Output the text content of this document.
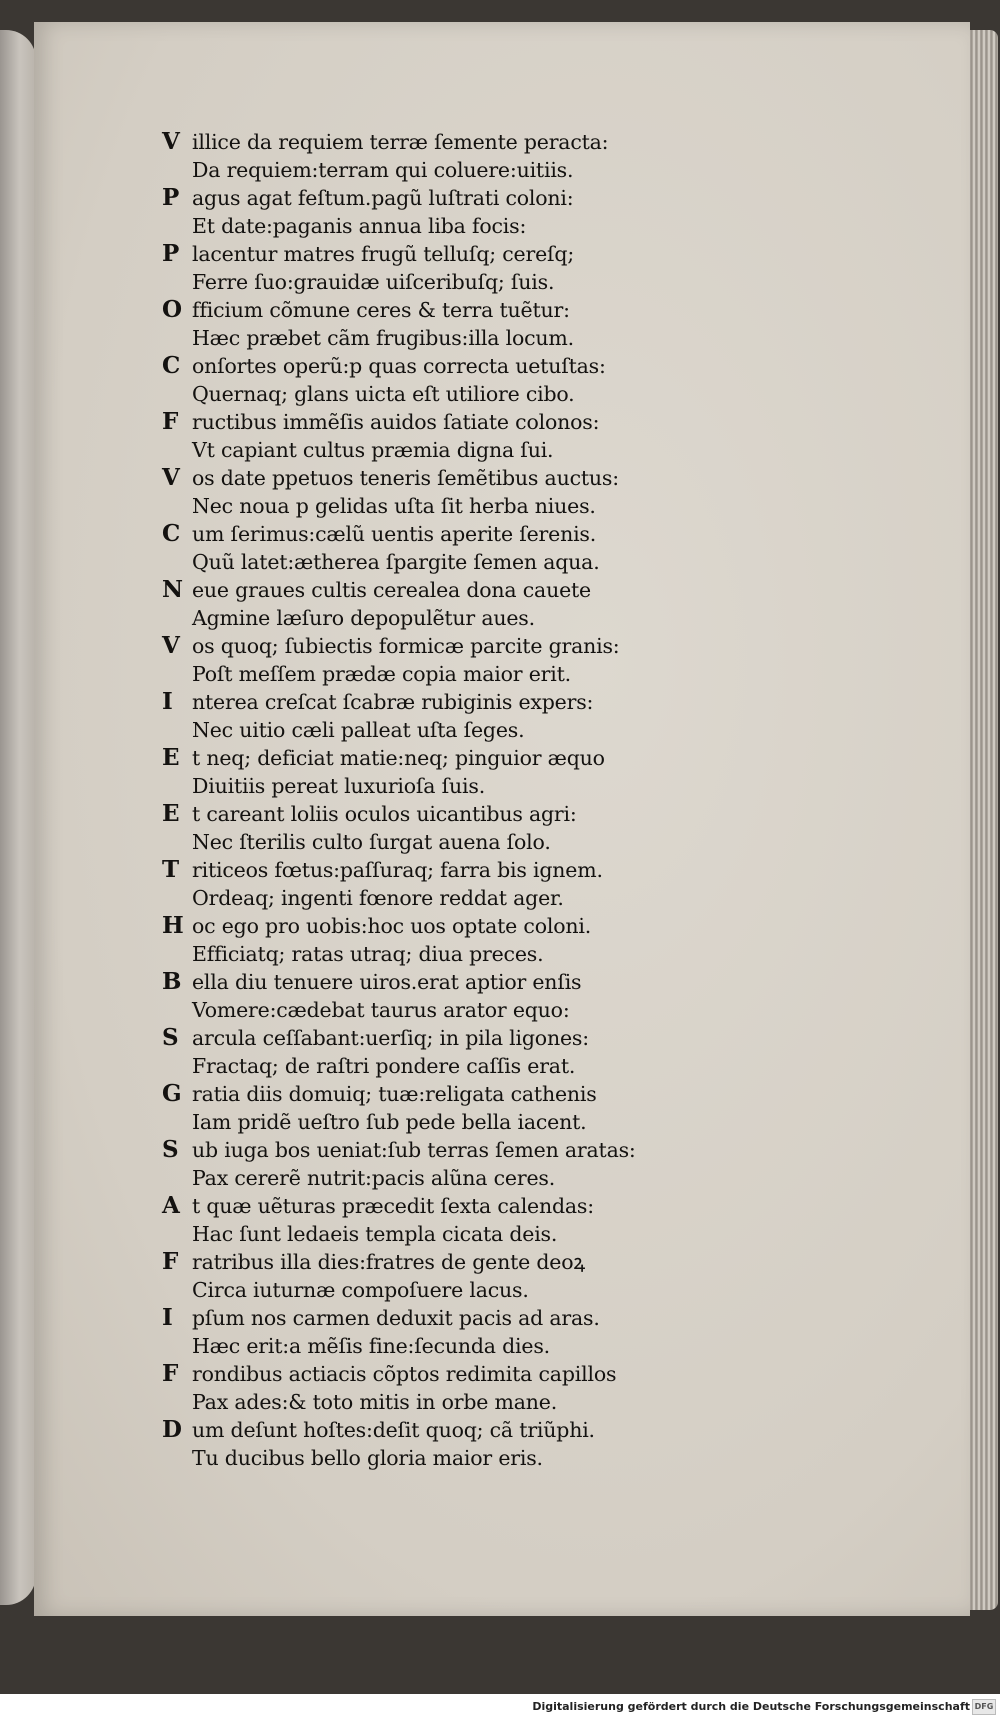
V illice da requiem terræ ſemente peracta:
Da requiem:terram qui coluere:uitiis.
P agus agat feſtum.pagũ luſtrati coloni:
Et date:paganis annua liba focis:
P lacentur matres frugũ telluſq; cereſq;
Ferre ſuo:grauidæ uiſceribuſq; ſuis.
O fficium cõmune ceres & terra tuẽtur:
Hæc præbet cãm frugibus:illa locum.
C onſortes operũ:p quas correcta uetuſtas:
Quernaq; glans uicta eſt utiliore cibo.
F ructibus immẽſis auidos ſatiate colonos:
Vt capiant cultus præmia digna ſui.
V os date ppetuos teneris ſemẽtibus auctus:
Nec noua p gelidas uſta ſit herba niues.
C um ſerimus:cælũ uentis aperite ſerenis.
Quũ latet:ætherea ſpargite ſemen aqua.
N eue graues cultis cerealea dona cauete
Agmine læſuro depopulẽtur aues.
V os quoq; ſubiectis formicæ parcite granis:
Poſt meſſem prædæ copia maior erit.
I nterea creſcat ſcabræ rubiginis expers:
Nec uitio cæli palleat uſta ſeges.
E t neq; deficiat matie:neq; pinguior æquo
Diuitiis pereat luxurioſa ſuis.
E t careant loliis oculos uicantibus agri:
Nec ſterilis culto ſurgat auena ſolo.
T riticeos fœtus:paſſuraq; farra bis ignem.
Ordeaq; ingenti fœnore reddat ager.
H oc ego pro uobis:hoc uos optate coloni.
Efficiatq; ratas utraq; diua preces.
B ella diu tenuere uiros.erat aptior enſis
Vomere:cædebat taurus arator equo:
S arcula ceſſabant:uerſiq; in pila ligones:
Fractaq; de raſtri pondere caſſis erat.
G ratia diis domuiq; tuæ:religata cathenis
Iam pridẽ ueſtro ſub pede bella iacent.
S ub iuga bos ueniat:ſub terras ſemen aratas:
Pax cererẽ nutrit:pacis alũna ceres.
A t quæ uẽturas præcedit ſexta calendas:
Hac ſunt ledaeis templa cicata deis.
F ratribus illa dies:fratres de gente deoꝝ
Circa iuturnæ compoſuere lacus.
I pſum nos carmen deduxit pacis ad aras.
Hæc erit:a mẽſis fine:ſecunda dies.
F rondibus actiacis cõptos redimita capillos
Pax ades:& toto mitis in orbe mane.
D um deſunt hoſtes:deſit quoq; cã triũphi.
Tu ducibus bello gloria maior eris.
Digitalisierung gefördert durch die Deutsche Forschungsgemeinschaft DFG
